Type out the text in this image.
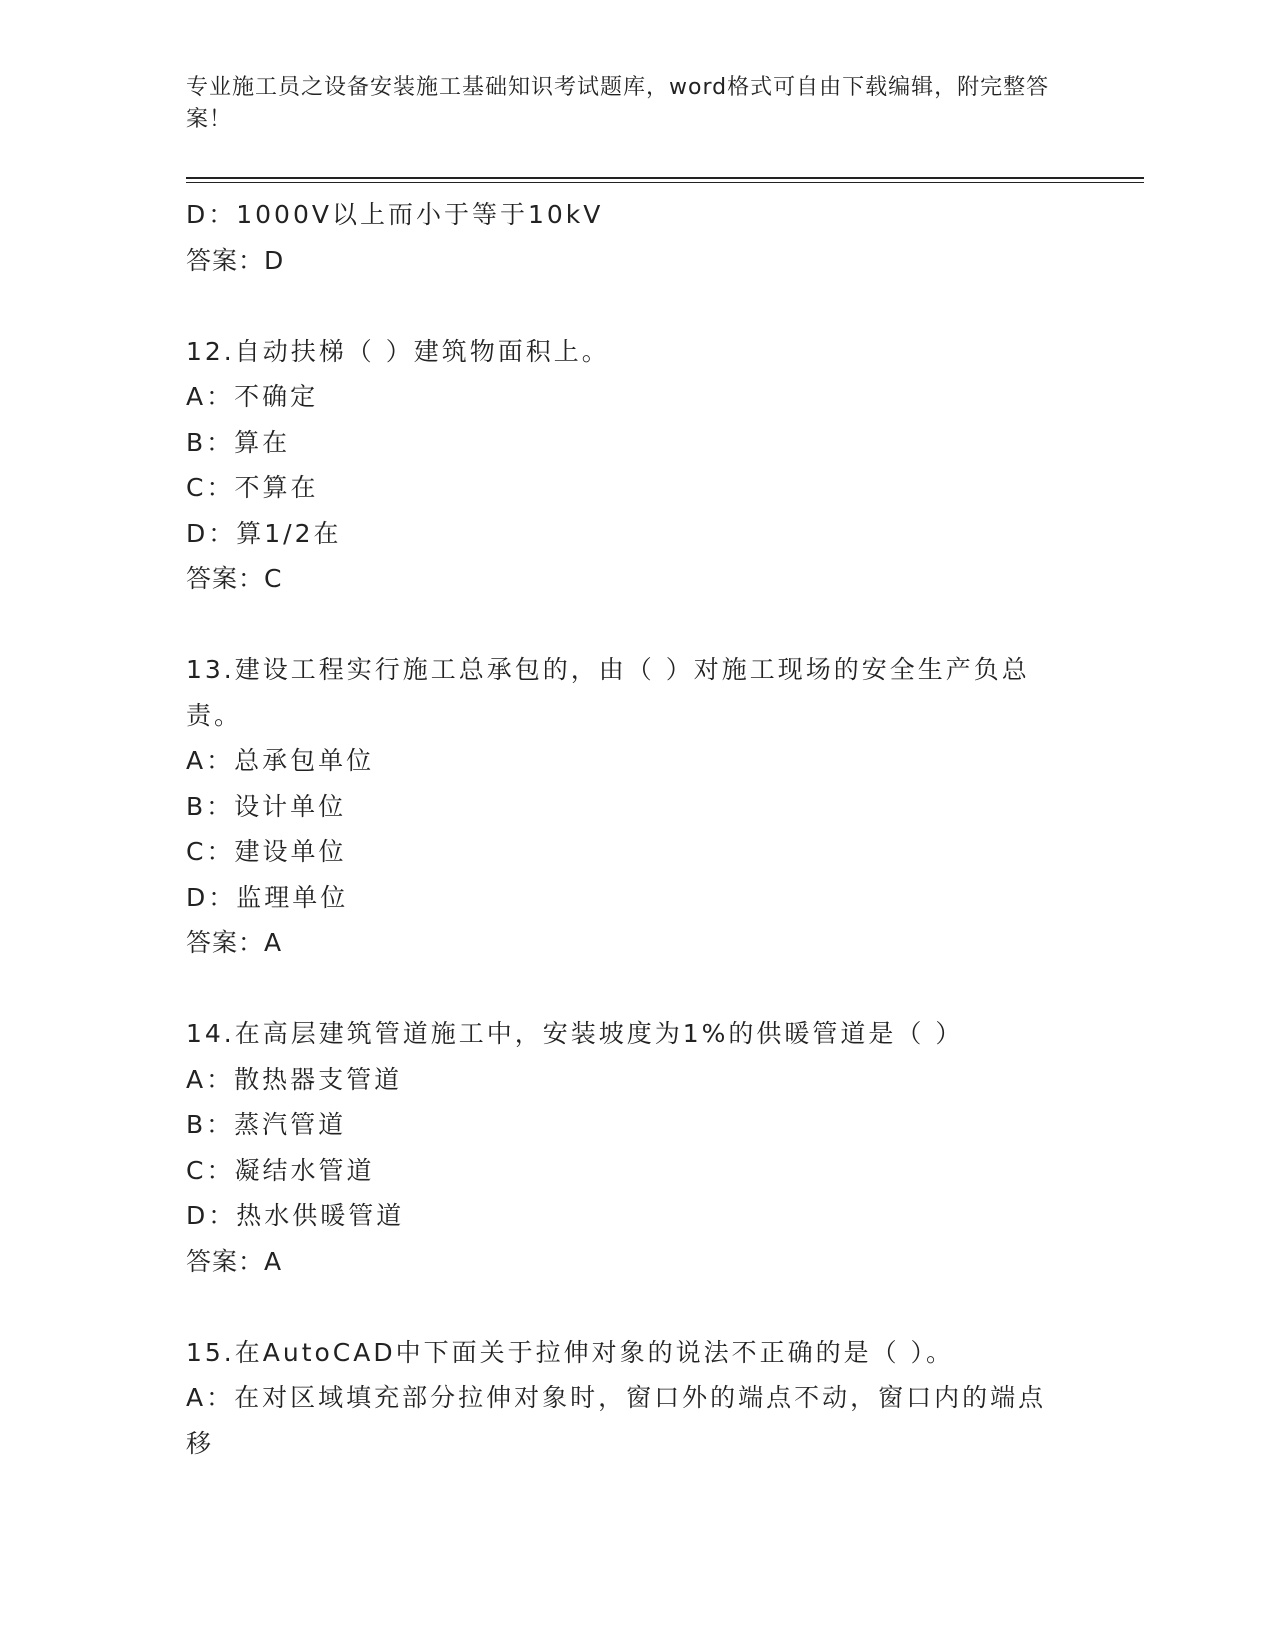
专业施工员之设备安装施工基础知识考试题库，word格式可自由下载编辑，附完整答案！
D：1000V以上而小于等于10kV
答案：D
12.自动扶梯（ ）建筑物面积上。
A：不确定
B：算在
C：不算在
D：算1/2在
答案：C
13.建设工程实行施工总承包的，由（ ）对施工现场的安全生产负总
责。
A：总承包单位
B：设计单位
C：建设单位
D：监理单位
答案：A
14.在高层建筑管道施工中，安装坡度为1%的供暖管道是（ ）
A：散热器支管道
B：蒸汽管道
C：凝结水管道
D：热水供暖管道
答案：A
15.在AutoCAD中下面关于拉伸对象的说法不正确的是（ ）。
A：在对区域填充部分拉伸对象时，窗口外的端点不动，窗口内的端点
移
